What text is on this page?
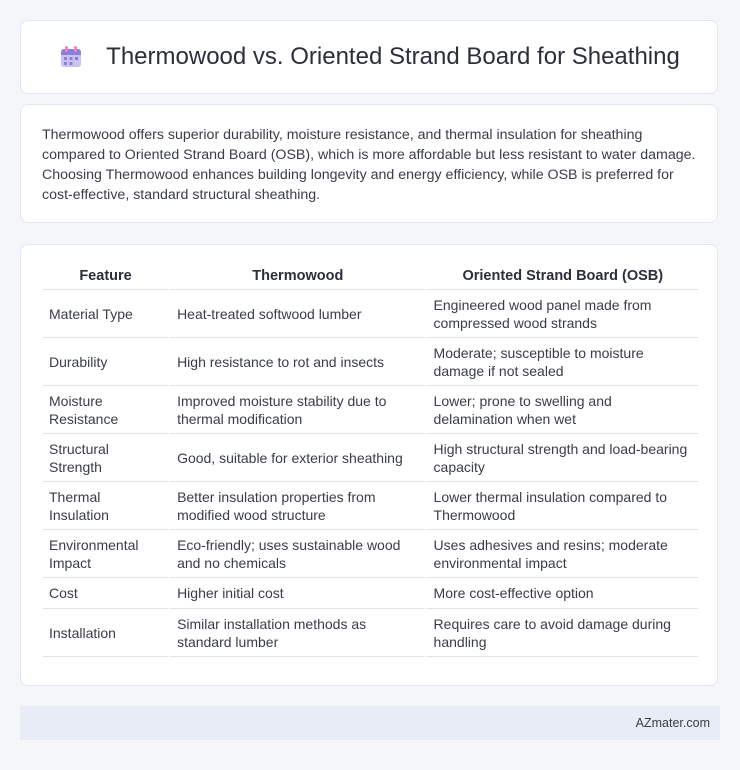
Thermowood vs. Oriented Strand Board for Sheathing

Thermowood offers superior durability, moisture resistance, and thermal insulation for sheathing compared to Oriented Strand Board (OSB), which is more affordable but less resistant to water damage. Choosing Thermowood enhances building longevity and energy efficiency, while OSB is preferred for cost-effective, standard structural sheathing.

Feature	Thermowood	Oriented Strand Board (OSB)
Material Type	Heat-treated softwood lumber	Engineered wood panel made from compressed wood strands
Durability	High resistance to rot and insects	Moderate; susceptible to moisture damage if not sealed
Moisture Resistance	Improved moisture stability due to thermal modification	Lower; prone to swelling and delamination when wet
Structural Strength	Good, suitable for exterior sheathing	High structural strength and load-bearing capacity
Thermal Insulation	Better insulation properties from modified wood structure	Lower thermal insulation compared to Thermowood
Environmental Impact	Eco-friendly; uses sustainable wood and no chemicals	Uses adhesives and resins; moderate environmental impact
Cost	Higher initial cost	More cost-effective option
Installation	Similar installation methods as standard lumber	Requires care to avoid damage during handling
AZmater.com
